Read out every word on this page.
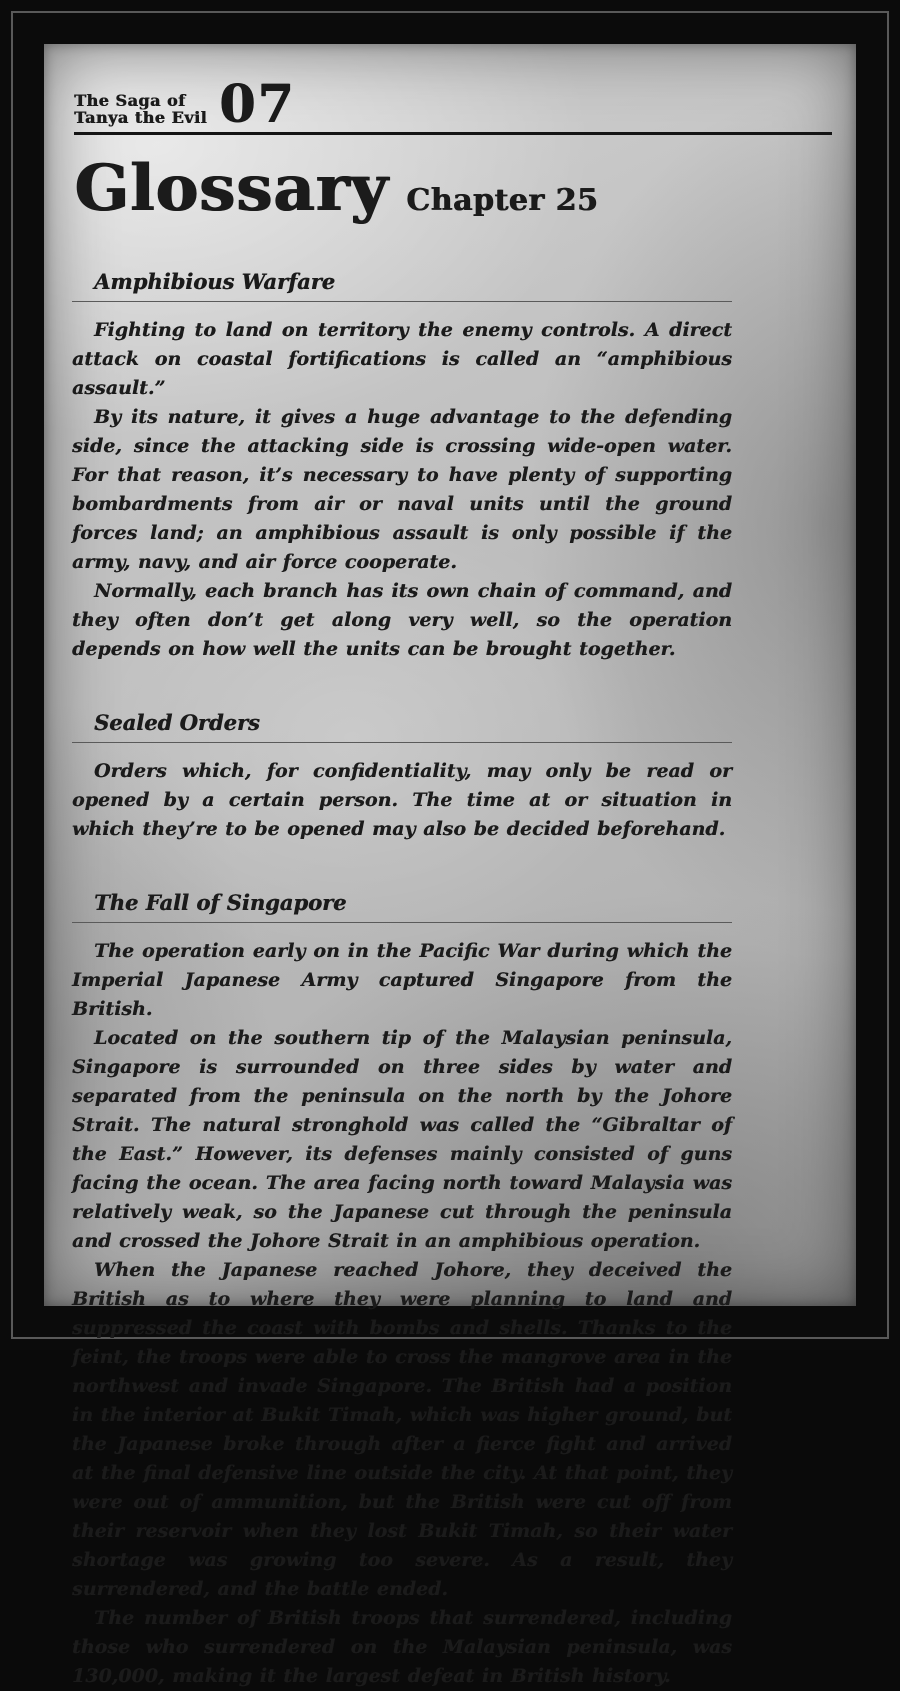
The Saga of
Tanya the Evil 07
Glossary Chapter 25
Amphibious Warfare

Fighting to land on territory the enemy controls. A direct attack on coastal fortifications is called an “amphibious assault.”

By its nature, it gives a huge advantage to the defending side, since the attacking side is crossing wide-open water. For that reason, it’s necessary to have plenty of supporting bombardments from air or naval units until the ground forces land; an amphibious assault is only possible if the army, navy, and air force cooperate.

Normally, each branch has its own chain of command, and they often don’t get along very well, so the operation depends on how well the units can be brought together.

Sealed Orders

Orders which, for confidentiality, may only be read or opened by a certain person. The time at or situation in which they’re to be opened may also be decided beforehand.

The Fall of Singapore

The operation early on in the Pacific War during which the Imperial Japanese Army captured Singapore from the British.

Located on the southern tip of the Malaysian peninsula, Singapore is surrounded on three sides by water and separated from the peninsula on the north by the Johore Strait. The natural stronghold was called the “Gibraltar of the East.” However, its defenses mainly consisted of guns facing the ocean. The area facing north toward Malaysia was relatively weak, so the Japanese cut through the peninsula and crossed the Johore Strait in an amphibious operation.

When the Japanese reached Johore, they deceived the British as to where they were planning to land and suppressed the coast with bombs and shells. Thanks to the feint, the troops were able to cross the mangrove area in the northwest and invade Singapore. The British had a position in the interior at Bukit Timah, which was higher ground, but the Japanese broke through after a fierce fight and arrived at the final defensive line outside the city. At that point, they were out of ammunition, but the British were cut off from their reservoir when they lost Bukit Timah, so their water shortage was growing too severe. As a result, they surrendered, and the battle ended.

The number of British troops that surrendered, including those who surrendered on the Malaysian peninsula, was 130,000, making it the largest defeat in British history.
